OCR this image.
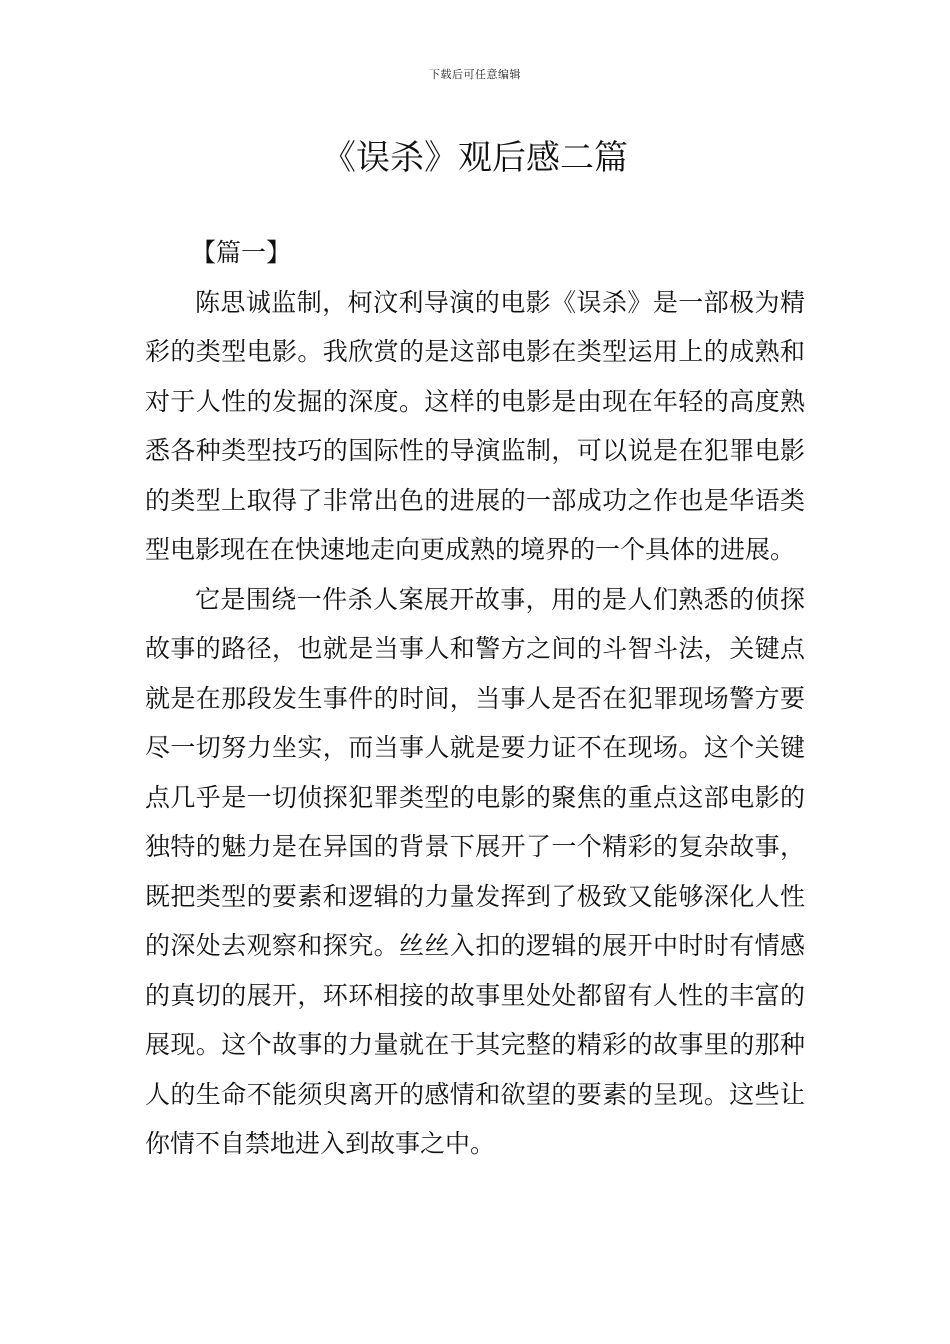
下载后可任意编辑
《误杀》观后感二篇

【篇一】

陈思诚监制，柯汶利导演的电影《误杀》是一部极为精彩的类型电影。我欣赏的是这部电影在类型运用上的成熟和对于人性的发掘的深度。这样的电影是由现在年轻的高度熟悉各种类型技巧的国际性的导演监制，可以说是在犯罪电影的类型上取得了非常出色的进展的一部成功之作也是华语类型电影现在在快速地走向更成熟的境界的一个具体的进展。

它是围绕一件杀人案展开故事，用的是人们熟悉的侦探故事的路径，也就是当事人和警方之间的斗智斗法，关键点就是在那段发生事件的时间，当事人是否在犯罪现场警方要尽一切努力坐实，而当事人就是要力证不在现场。这个关键点几乎是一切侦探犯罪类型的电影的聚焦的重点这部电影的独特的魅力是在异国的背景下展开了一个精彩的复杂故事，既把类型的要素和逻辑的力量发挥到了极致又能够深化人性的深处去观察和探究。丝丝入扣的逻辑的展开中时时有情感的真切的展开，环环相接的故事里处处都留有人性的丰富的展现。这个故事的力量就在于其完整的精彩的故事里的那种人的生命不能须臾离开的感情和欲望的要素的呈现。这些让你情不自禁地进入到故事之中。
